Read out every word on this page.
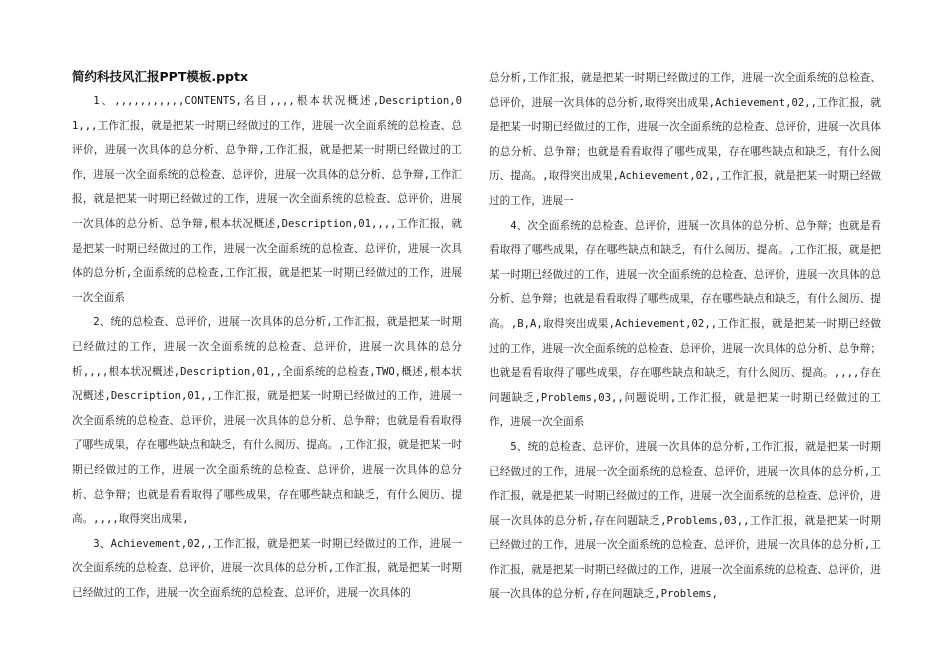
简约科技风汇报PPT模板.pptx

1、,,,,,,,,,,,CONTENTS,名目,,,,根本状况概述,Description,01,,,工作汇报，就是把某一时期已经做过的工作，进展一次全面系统的总检查、总评价，进展一次具体的总分析、总争辩,工作汇报，就是把某一时期已经做过的工作，进展一次全面系统的总检查、总评价，进展一次具体的总分析、总争辩,工作汇报，就是把某一时期已经做过的工作，进展一次全面系统的总检查、总评价，进展一次具体的总分析、总争辩,根本状况概述,Description,01,,,,工作汇报，就是把某一时期已经做过的工作，进展一次全面系统的总检查、总评价，进展一次具体的总分析,全面系统的总检查,工作汇报，就是把某一时期已经做过的工作，进展一次全面系

2、统的总检查、总评价，进展一次具体的总分析,工作汇报，就是把某一时期已经做过的工作，进展一次全面系统的总检查、总评价，进展一次具体的总分析,,,,根本状况概述,Description,01,,全面系统的总检查,TWO,概述,根本状况概述,Description,01,,工作汇报，就是把某一时期已经做过的工作，进展一次全面系统的总检查、总评价，进展一次具体的总分析、总争辩；也就是看看取得了哪些成果，存在哪些缺点和缺乏，有什么阅历、提高。,工作汇报，就是把某一时期已经做过的工作，进展一次全面系统的总检查、总评价，进展一次具体的总分析、总争辩；也就是看看取得了哪些成果，存在哪些缺点和缺乏，有什么阅历、提高。,,,,取得突出成果,

3、Achievement,02,,工作汇报，就是把某一时期已经做过的工作，进展一次全面系统的总检查、总评价，进展一次具体的总分析,工作汇报，就是把某一时期已经做过的工作，进展一次全面系统的总检查、总评价，进展一次具体的

总分析,工作汇报，就是把某一时期已经做过的工作，进展一次全面系统的总检查、总评价，进展一次具体的总分析,取得突出成果,Achievement,02,,工作汇报，就是把某一时期已经做过的工作，进展一次全面系统的总检查、总评价，进展一次具体的总分析、总争辩；也就是看看取得了哪些成果，存在哪些缺点和缺乏，有什么阅历、提高。,取得突出成果,Achievement,02,,工作汇报，就是把某一时期已经做过的工作，进展一

4、次全面系统的总检查、总评价，进展一次具体的总分析、总争辩；也就是看看取得了哪些成果，存在哪些缺点和缺乏，有什么阅历、提高。,工作汇报，就是把某一时期已经做过的工作，进展一次全面系统的总检查、总评价，进展一次具体的总分析、总争辩；也就是看看取得了哪些成果，存在哪些缺点和缺乏，有什么阅历、提高。,B,A,取得突出成果,Achievement,02,,工作汇报，就是把某一时期已经做过的工作，进展一次全面系统的总检查、总评价，进展一次具体的总分析、总争辩；也就是看看取得了哪些成果，存在哪些缺点和缺乏，有什么阅历、提高。,,,,存在问题缺乏,Problems,03,,问题说明,工作汇报，就是把某一时期已经做过的工作，进展一次全面系

5、统的总检查、总评价，进展一次具体的总分析,工作汇报，就是把某一时期已经做过的工作，进展一次全面系统的总检查、总评价，进展一次具体的总分析,工作汇报，就是把某一时期已经做过的工作，进展一次全面系统的总检查、总评价，进展一次具体的总分析,存在问题缺乏,Problems,03,,工作汇报，就是把某一时期已经做过的工作，进展一次全面系统的总检查、总评价，进展一次具体的总分析,工作汇报，就是把某一时期已经做过的工作，进展一次全面系统的总检查、总评价，进展一次具体的总分析,存在问题缺乏,Problems,
